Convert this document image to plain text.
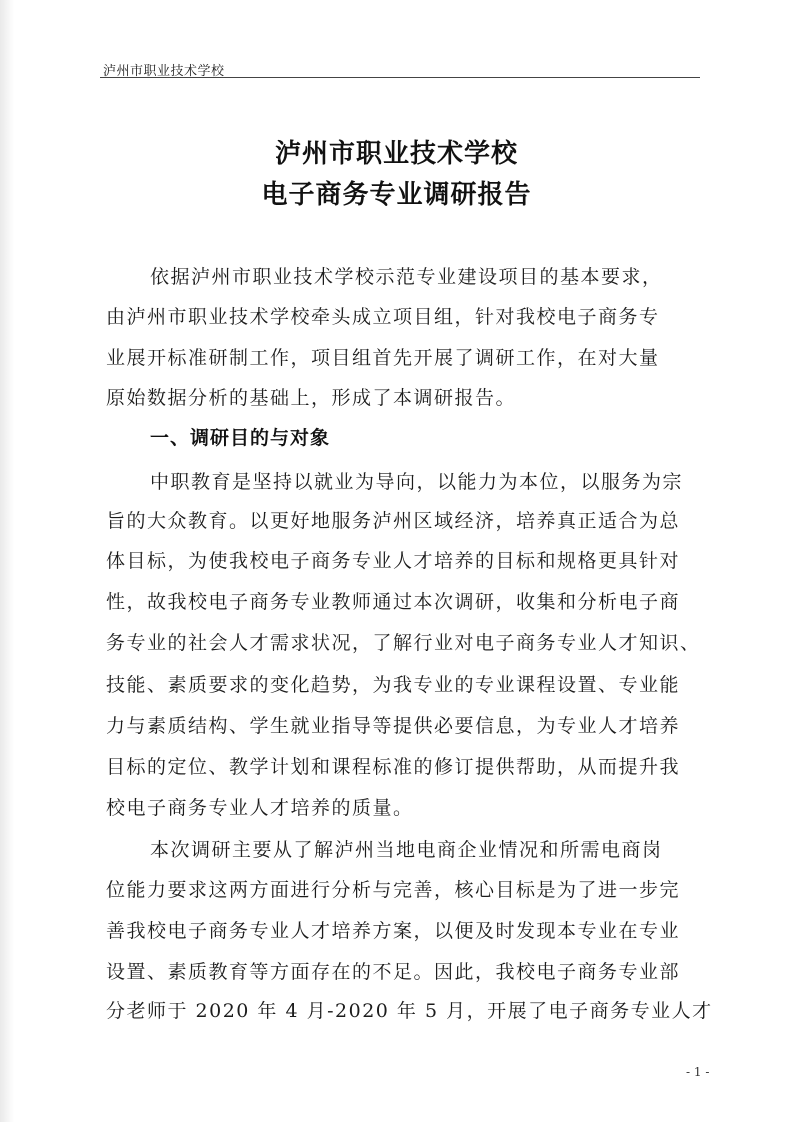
泸州市职业技术学校
泸州市职业技术学校
电子商务专业调研报告
依据泸州市职业技术学校示范专业建设项目的基本要求，
由泸州市职业技术学校牵头成立项目组，针对我校电子商务专
业展开标准研制工作，项目组首先开展了调研工作，在对大量
原始数据分析的基础上，形成了本调研报告。
一、调研目的与对象
中职教育是坚持以就业为导向，以能力为本位，以服务为宗
旨的大众教育。以更好地服务泸州区域经济，培养真正适合为总
体目标，为使我校电子商务专业人才培养的目标和规格更具针对
性，故我校电子商务专业教师通过本次调研，收集和分析电子商
务专业的社会人才需求状况，了解行业对电子商务专业人才知识、
技能、素质要求的变化趋势，为我专业的专业课程设置、专业能
力与素质结构、学生就业指导等提供必要信息，为专业人才培养
目标的定位、教学计划和课程标准的修订提供帮助，从而提升我
校电子商务专业人才培养的质量。
本次调研主要从了解泸州当地电商企业情况和所需电商岗
位能力要求这两方面进行分析与完善，核心目标是为了进一步完
善我校电子商务专业人才培养方案，以便及时发现本专业在专业
设置、素质教育等方面存在的不足。因此，我校电子商务专业部
分老师于 2020 年 4 月-2020 年 5 月，开展了电子商务专业人才
- 1 -
